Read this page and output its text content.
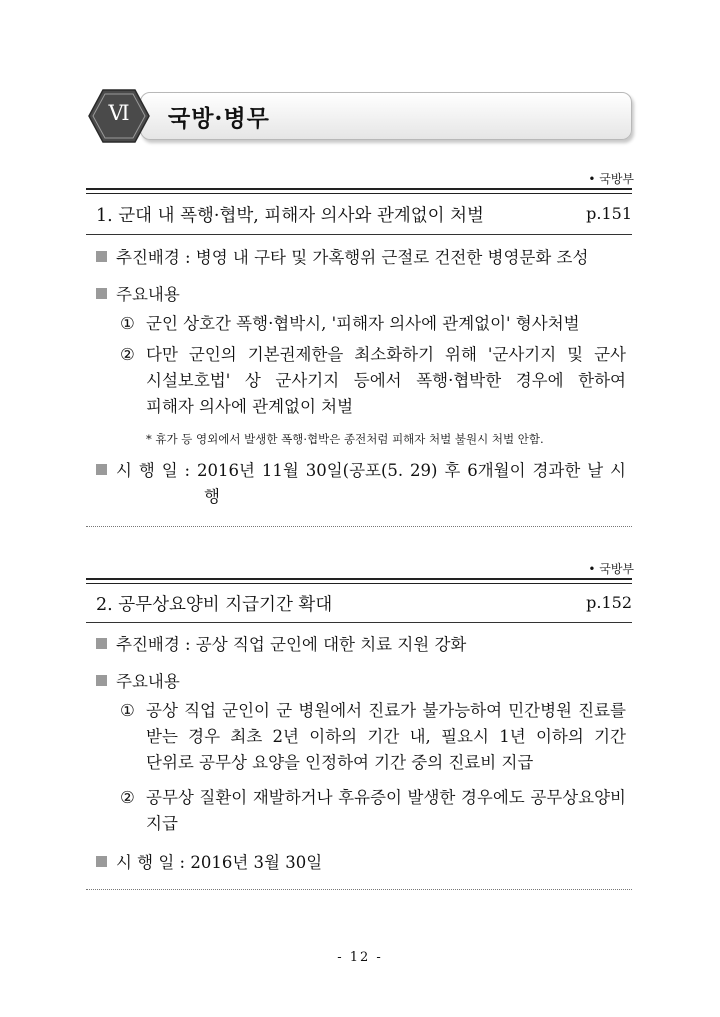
국방·병무
Ⅵ
• 국방부
1. 군대 내 폭행·협박, 피해자 의사와 관계없이 처벌	p.151
추진배경 : 병영 내 구타 및 가혹행위 근절로 건전한 병영문화 조성
주요내용
① 군인 상호간 폭행·협박시, '피해자 의사에 관계없이' 형사처벌
② 다만 군인의 기본권제한을 최소화하기 위해 '군사기지 및 군사
시설보호법' 상 군사기지 등에서 폭행·협박한 경우에 한하여
피해자 의사에 관계없이 처벌
* 휴가 등 영외에서 발생한 폭행·협박은 종전처럼 피해자 처벌 불원시 처벌 안함.
시 행 일 : 2016년 11월 30일(공포(5. 29) 후 6개월이 경과한 날 시
행
• 국방부
2. 공무상요양비 지급기간 확대	p.152
추진배경 : 공상 직업 군인에 대한 치료 지원 강화
주요내용
① 공상 직업 군인이 군 병원에서 진료가 불가능하여 민간병원 진료를
받는 경우 최초 2년 이하의 기간 내, 필요시 1년 이하의 기간
단위로 공무상 요양을 인정하여 기간 중의 진료비 지급
② 공무상 질환이 재발하거나 후유증이 발생한 경우에도 공무상요양비
지급
시 행 일 : 2016년 3월 30일
- 12 -
